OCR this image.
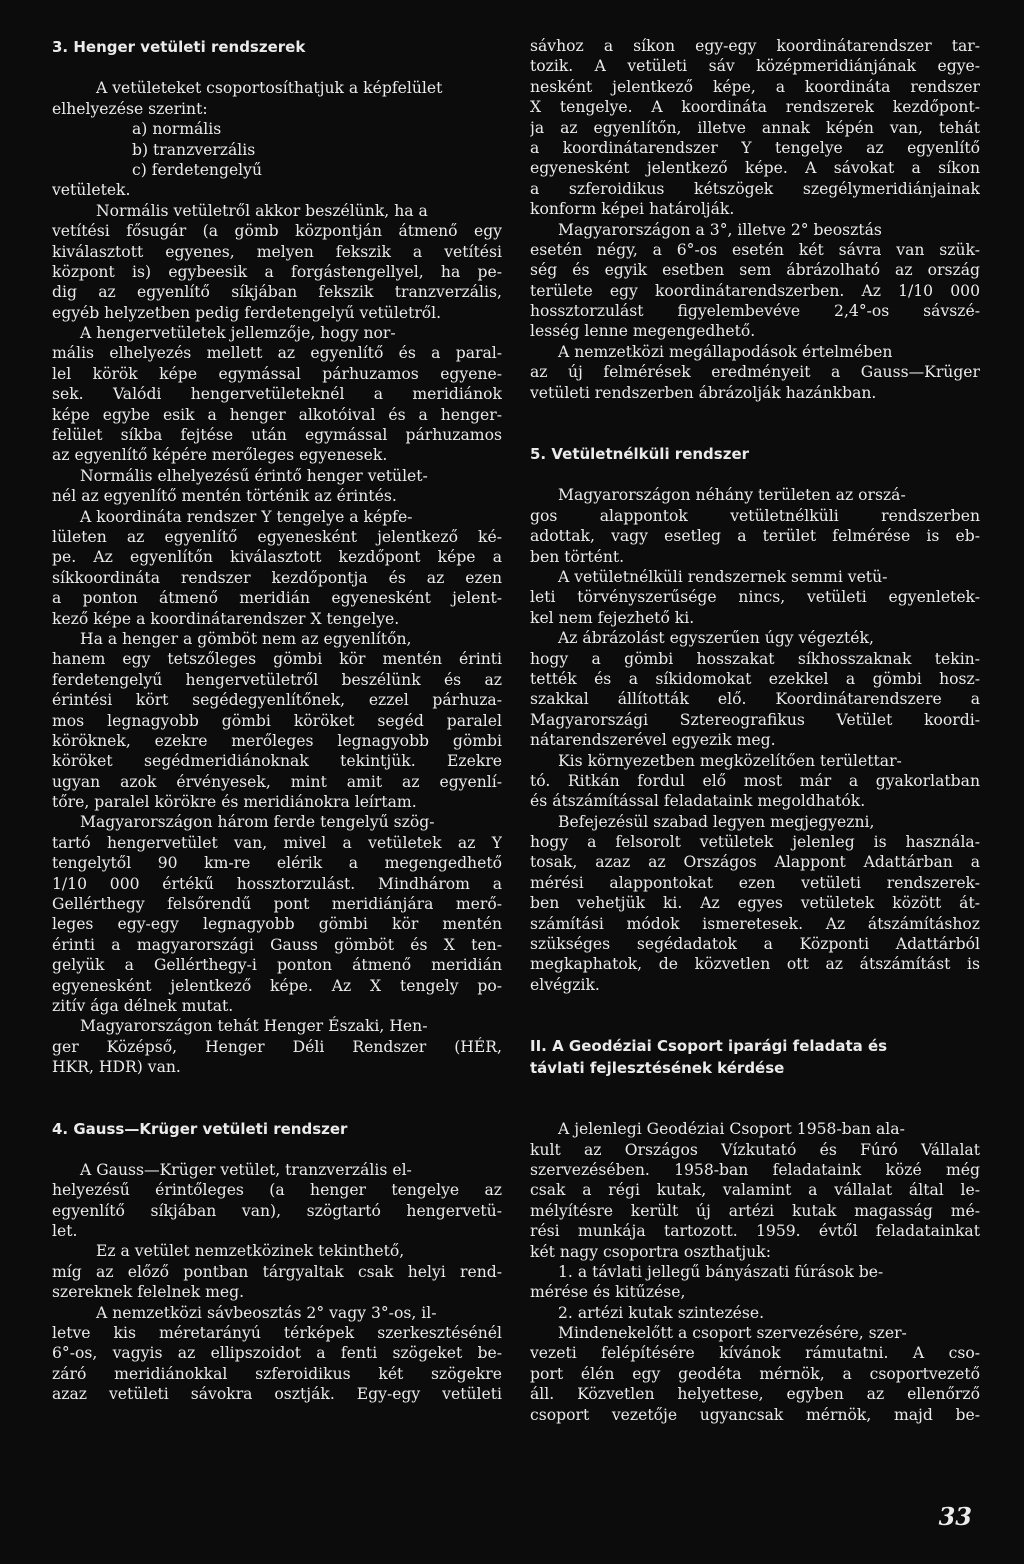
3. Henger vetületi rendszerek
A vetületeket csoportosíthatjuk a képfelület
elhelyezése szerint:
a) normális
b) tranzverzális
c) ferdetengelyű
vetületek.
Normális vetületről akkor beszélünk, ha a
vetítési fősugár (a gömb központján átmenő egy
kiválasztott egyenes, melyen fekszik a vetítési
központ is) egybeesik a forgástengellyel, ha pe-
dig az egyenlítő síkjában fekszik tranzverzális,
egyéb helyzetben pedig ferdetengelyű vetületről.
A hengervetületek jellemzője, hogy nor-
mális elhelyezés mellett az egyenlítő és a paral-
lel körök képe egymással párhuzamos egyene-
sek. Valódi hengervetületeknél a meridiánok
képe egybe esik a henger alkotóival és a henger-
felület síkba fejtése után egymással párhuzamos
az egyenlítő képére merőleges egyenesek.
Normális elhelyezésű érintő henger vetület-
nél az egyenlítő mentén történik az érintés.
A koordináta rendszer Y tengelye a képfe-
lületen az egyenlítő egyenesként jelentkező ké-
pe. Az egyenlítőn kiválasztott kezdőpont képe a
síkkoordináta rendszer kezdőpontja és az ezen
a ponton átmenő meridián egyenesként jelent-
kező képe a koordinátarendszer X tengelye.
Ha a henger a gömböt nem az egyenlítőn,
hanem egy tetszőleges gömbi kör mentén érinti
ferdetengelyű hengervetületről beszélünk és az
érintési kört segédegyenlítőnek, ezzel párhuza-
mos legnagyobb gömbi köröket segéd paralel
köröknek, ezekre merőleges legnagyobb gömbi
köröket segédmeridiánoknak tekintjük. Ezekre
ugyan azok érvényesek, mint amit az egyenlí-
tőre, paralel körökre és meridiánokra leírtam.
Magyarországon három ferde tengelyű szög-
tartó hengervetület van, mivel a vetületek az Y
tengelytől 90 km-re elérik a megengedhető
1/10 000 értékű hossztorzulást. Mindhárom a
Gellérthegy felsőrendű pont meridiánjára merő-
leges egy-egy legnagyobb gömbi kör mentén
érinti a magyarországi Gauss gömböt és X ten-
gelyük a Gellérthegy-i ponton átmenő meridián
egyenesként jelentkező képe. Az X tengely po-
zitív ága délnek mutat.
Magyarországon tehát Henger Északi, Hen-
ger Középső, Henger Déli Rendszer (HÉR,
HKR, HDR) van.
4. Gauss—Krüger vetületi rendszer
A Gauss—Krüger vetület, tranzverzális el-
helyezésű érintőleges (a henger tengelye az
egyenlítő síkjában van), szögtartó hengervetü-
let.
Ez a vetület nemzetközinek tekinthető,
míg az előző pontban tárgyaltak csak helyi rend-
szereknek felelnek meg.
A nemzetközi sávbeosztás 2° vagy 3°-os, il-
letve kis méretarányú térképek szerkesztésénél
6°-os, vagyis az ellipszoidot a fenti szögeket be-
záró meridiánokkal szferoidikus két szögekre
azaz vetületi sávokra osztják. Egy-egy vetületi
sávhoz a síkon egy-egy koordinátarendszer tar-
tozik. A vetületi sáv középmeridiánjának egye-
nesként jelentkező képe, a koordináta rendszer
X tengelye. A koordináta rendszerek kezdőpont-
ja az egyenlítőn, illetve annak képén van, tehát
a koordinátarendszer Y tengelye az egyenlítő
egyenesként jelentkező képe. A sávokat a síkon
a szferoidikus kétszögek szegélymeridiánjainak
konform képei határolják.
Magyarországon a 3°, illetve 2° beosztás
esetén négy, a 6°-os esetén két sávra van szük-
ség és egyik esetben sem ábrázolható az ország
területe egy koordinátarendszerben. Az 1/10 000
hossztorzulást figyelembevéve 2,4°-os sávszé-
lesség lenne megengedhető.
A nemzetközi megállapodások értelmében
az új felmérések eredményeit a Gauss—Krüger
vetületi rendszerben ábrázolják hazánkban.
5. Vetületnélküli rendszer
Magyarországon néhány területen az orszá-
gos alappontok vetületnélküli rendszerben
adottak, vagy esetleg a terület felmérése is eb-
ben történt.
A vetületnélküli rendszernek semmi vetü-
leti törvényszerűsége nincs, vetületi egyenletek-
kel nem fejezhető ki.
Az ábrázolást egyszerűen úgy végezték,
hogy a gömbi hosszakat síkhosszaknak tekin-
tették és a síkidomokat ezekkel a gömbi hosz-
szakkal állították elő. Koordinátarendszere a
Magyarországi Sztereografikus Vetület koordi-
nátarendszerével egyezik meg.
Kis környezetben megközelítően területtar-
tó. Ritkán fordul elő most már a gyakorlatban
és átszámítással feladataink megoldhatók.
Befejezésül szabad legyen megjegyezni,
hogy a felsorolt vetületek jelenleg is használa-
tosak, azaz az Országos Alappont Adattárban a
mérési alappontokat ezen vetületi rendszerek-
ben vehetjük ki. Az egyes vetületek között át-
számítási módok ismeretesek. Az átszámításhoz
szükséges segédadatok a Központi Adattárból
megkaphatok, de közvetlen ott az átszámítást is
elvégzik.
II. A Geodéziai Csoport iparági feladata és
távlati fejlesztésének kérdése
A jelenlegi Geodéziai Csoport 1958-ban ala-
kult az Országos Vízkutató és Fúró Vállalat
szervezésében. 1958-ban feladataink közé még
csak a régi kutak, valamint a vállalat által le-
mélyítésre került új artézi kutak magasság mé-
rési munkája tartozott. 1959. évtől feladatainkat
két nagy csoportra oszthatjuk:
1. a távlati jellegű bányászati fúrások be-
mérése és kitűzése,
2. artézi kutak szintezése.
Mindenekelőtt a csoport szervezésére, szer-
vezeti felépítésére kívánok rámutatni. A cso-
port élén egy geodéta mérnök, a csoportvezető
áll. Közvetlen helyettese, egyben az ellenőrző
csoport vezetője ugyancsak mérnök, majd be-
33
